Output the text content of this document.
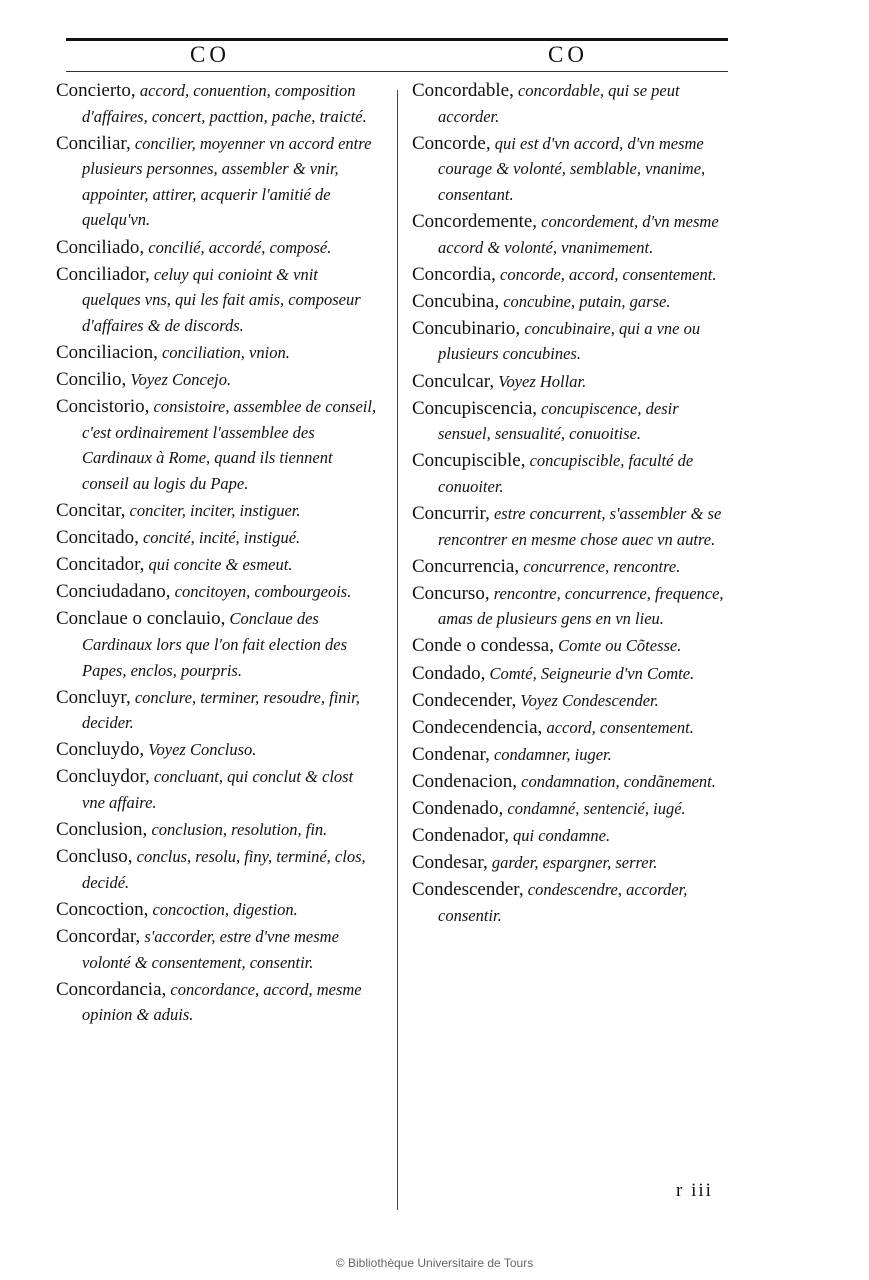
CO	CO

Concierto, accord, conuention, composition d'affaires, concert, pacttion, pache, traicté.

Conciliar, concilier, moyenner vn accord entre plusieurs personnes, assembler & vnir, appointer, attirer, acquerir l'amitié de quelqu'vn.

Conciliado, concilié, accordé, composé.

Conciliador, celuy qui conioint & vnit quelques vns, qui les fait amis, composeur d'affaires & de discords.

Conciliacion, conciliation, vnion.

Concilio, Voyez Concejo.

Concistorio, consistoire, assemblee de conseil, c'est ordinairement l'assemblee des Cardinaux à Rome, quand ils tiennent conseil au logis du Pape.

Concitar, conciter, inciter, instiguer.

Concitado, concité, incité, instigué.

Concitador, qui concite & esmeut.

Conciudadano, concitoyen, combourgeois.

Conclaue o conclauio, Conclaue des Cardinaux lors que l'on fait election des Papes, enclos, pourpris.

Concluyr, conclure, terminer, resoudre, finir, decider.

Concluydo, Voyez Concluso.

Concluydor, concluant, qui conclut & clost vne affaire.

Conclusion, conclusion, resolution, fin.

Concluso, conclus, resolu, finy, terminé, clos, decidé.

Concoction, concoction, digestion.

Concordar, s'accorder, estre d'vne mesme volonté & consentement, consentir.

Concordancia, concordance, accord, mesme opinion & aduis.

Concordable, concordable, qui se peut accorder.

Concorde, qui est d'vn accord, d'vn mesme courage & volonté, semblable, vnanime, consentant.

Concordemente, concordement, d'vn mesme accord & volonté, vnanimement.

Concordia, concorde, accord, consentement.

Concubina, concubine, putain, garse.

Concubinario, concubinaire, qui a vne ou plusieurs concubines.

Conculcar, Voyez Hollar.

Concupiscencia, concupiscence, desir sensuel, sensualité, conuoitise.

Concupiscible, concupiscible, faculté de conuoiter.

Concurrir, estre concurrent, s'assembler & se rencontrer en mesme chose auec vn autre.

Concurrencia, concurrence, rencontre.

Concurso, rencontre, concurrence, frequence, amas de plusieurs gens en vn lieu.

Conde o condessa, Comte ou Cõtesse.

Condado, Comté, Seigneurie d'vn Comte.

Condecender, Voyez Condescender.

Condecendencia, accord, consentement.

Condenar, condamner, iuger.

Condenacion, condamnation, condãnement.

Condenado, condamné, sentencié, iugé.

Condenador, qui condamne.

Condesar, garder, espargner, serrer.

Condescender, condescendre, accorder, consentir.

r iii
© Bibliothèque Universitaire de Tours
